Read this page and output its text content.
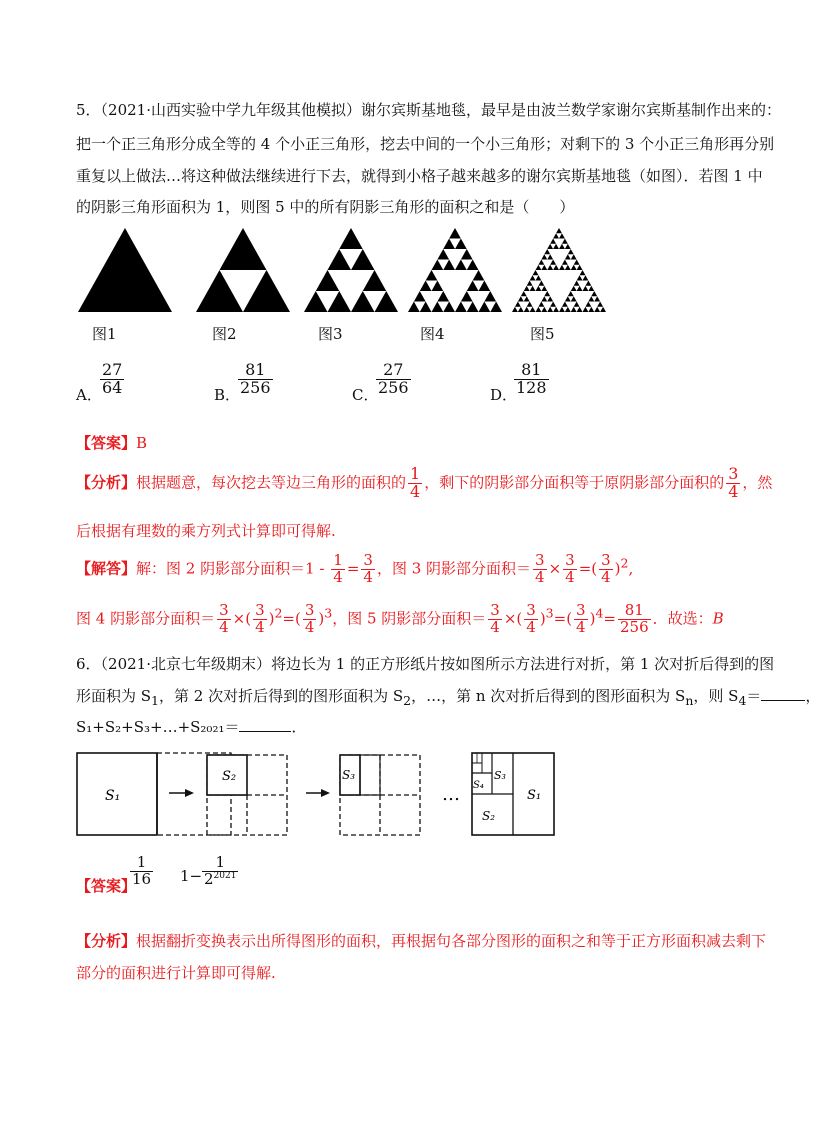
5．（2021·山西实验中学九年级其他模拟）谢尔宾斯基地毯，最早是由波兰数学家谢尔宾斯基制作出来的：
把一个正三角形分成全等的 4 个小正三角形，挖去中间的一个小三角形；对剩下的 3 个小正三角形再分别
重复以上做法…将这种做法继续进行下去，就得到小格子越来越多的谢尔宾斯基地毯（如图）．若图 1 中
的阴影三角形面积为 1，则图 5 中的所有阴影三角形的面积之和是（　　）
图1	图2	图3	图4	图5
A．
$\frac{27}{64}$	B．
$\frac{81}{256}$	C．
$\frac{27}{256}$	D．
$\frac{81}{128}$
【答案】B
【分析】根据题意，每次挖去等边三角形的面积的 $\frac{1}{4}$ ，剩下的阴影部分面积等于原阴影部分面积的 $\frac{3}{4}$ ，然
后根据有理数的乘方列式计算即可得解.
【解答】解：图 2 阴影部分面积$=1 - \frac{1}{4} = \frac{3}{4}$ ，图 3 阴影部分面积＝ $\frac{3}{4} \times \frac{3}{4}$ =( $\frac{3}{4} )^2$,
图 4 阴影部分面积＝ $\frac{3}{4}$ ×( $\frac{3}{4} )^2=( \frac{3}{4} )^3$，图 5 阴影部分面积＝ $\frac{3}{4}$ ×( $\frac{3}{4} )^3=( \frac{3}{4} )^4= \frac{81}{256}$ ．故选：B
6．（2021·北京七年级期末）将边长为 1 的正方形纸片按如图所示方法进行对折，第 1 次对折后得到的图
形面积为 $S_1$，第 2 次对折后得到的图形面积为 $S_2$，…，第 n 次对折后得到的图形面积为 $S_n$，则 $S_4=$	，
S₁+S₂+S₃+…+S₂₀₂₁＝	．
S₁
S₂	S₃
…	S₁
S₂
S₃
S₄
【答案】
$\frac{1}{16} 1- \frac{1}{2^{2021}}$
【分析】根据翻折变换表示出所得图形的面积，再根据句各部分图形的面积之和等于正方形面积减去剩下
部分的面积进行计算即可得解.
